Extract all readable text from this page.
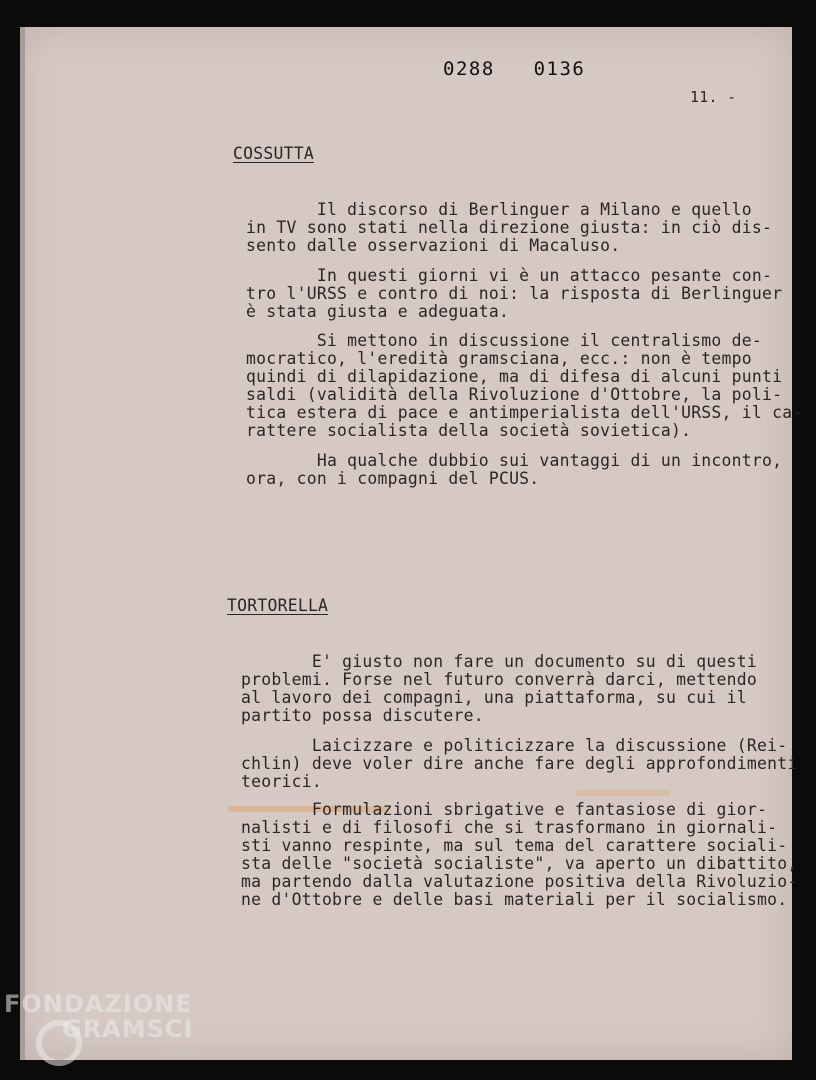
0288   0136
11. -
COSSUTTA
Il discorso di Berlinguer a Milano e quello
in TV sono stati nella direzione giusta: in ciò dis-
sento dalle osservazioni di Macaluso.
In questi giorni vi è un attacco pesante con-
tro l'URSS e contro di noi: la risposta di Berlinguer
è stata giusta e adeguata.
Si mettono in discussione il centralismo de-
mocratico, l'eredità gramsciana, ecc.: non è tempo
quindi di dilapidazione, ma di difesa di alcuni punti
saldi (validità della Rivoluzione d'Ottobre, la poli-
tica estera di pace e antimperialista dell'URSS, il ca-
rattere socialista della società sovietica).
Ha qualche dubbio sui vantaggi di un incontro,
ora, con i compagni del PCUS.
TORTORELLA
E' giusto non fare un documento su di questi
problemi. Forse nel futuro converrà darci, mettendo
al lavoro dei compagni, una piattaforma, su cui il
partito possa discutere.
Laicizzare e politicizzare la discussione (Rei-
chlin) deve voler dire anche fare degli approfondimenti
teorici.
Formulazioni sbrigative e fantasiose di gior-
nalisti e di filosofi che si trasformano in giornali-
sti vanno respinte, ma sul tema del carattere sociali-
sta delle "società socialiste", va aperto un dibattito,
ma partendo dalla valutazione positiva della Rivoluzio-
ne d'Ottobre e delle basi materiali per il socialismo.
FONDAZIONE
GRAMSCI
onlus
